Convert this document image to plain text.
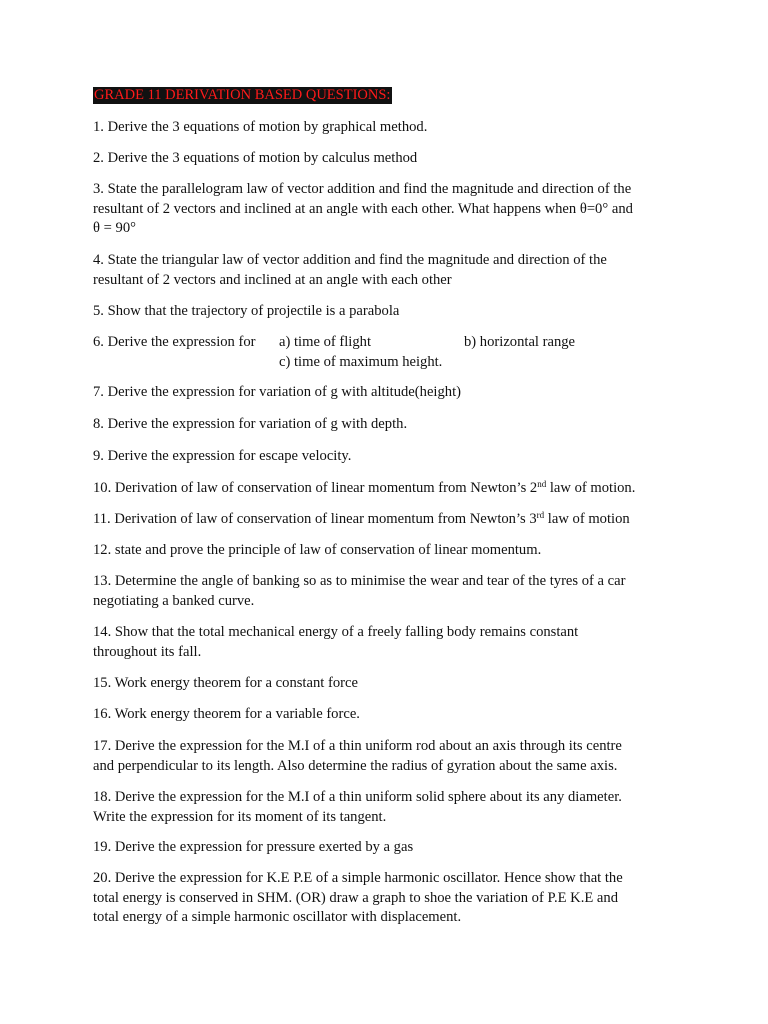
GRADE 11 DERIVATION BASED QUESTIONS:
1. Derive the 3 equations of motion by graphical method.
2. Derive the 3 equations of motion by calculus method
3. State the parallelogram law of vector addition and find the magnitude and direction of the
resultant of 2 vectors and inclined at an angle with each other. What happens when θ=0° and
θ = 90°
4. State the triangular law of vector addition and find the magnitude and direction of the
resultant of 2 vectors and inclined at an angle with each other
5. Show that the trajectory of projectile is a parabola
6. Derive the expression for a) time of flight	b) horizontal range
c) time of maximum height.
7. Derive the expression for variation of g with altitude(height)
8. Derive the expression for variation of g with depth.
9. Derive the expression for escape velocity.
10. Derivation of law of conservation of linear momentum from Newton’s 2nd law of motion.
11. Derivation of law of conservation of linear momentum from Newton’s 3rd law of motion
12. state and prove the principle of law of conservation of linear momentum.
13. Determine the angle of banking so as to minimise the wear and tear of the tyres of a car
negotiating a banked curve.
14. Show that the total mechanical energy of a freely falling body remains constant
throughout its fall.
15. Work energy theorem for a constant force
16. Work energy theorem for a variable force.
17. Derive the expression for the M.I of a thin uniform rod about an axis through its centre
and perpendicular to its length. Also determine the radius of gyration about the same axis.
18. Derive the expression for the M.I of a thin uniform solid sphere about its any diameter.
Write the expression for its moment of its tangent.
19. Derive the expression for pressure exerted by a gas
20. Derive the expression for K.E P.E of a simple harmonic oscillator. Hence show that the
total energy is conserved in SHM. (OR) draw a graph to shoe the variation of P.E K.E and
total energy of a simple harmonic oscillator with displacement.
